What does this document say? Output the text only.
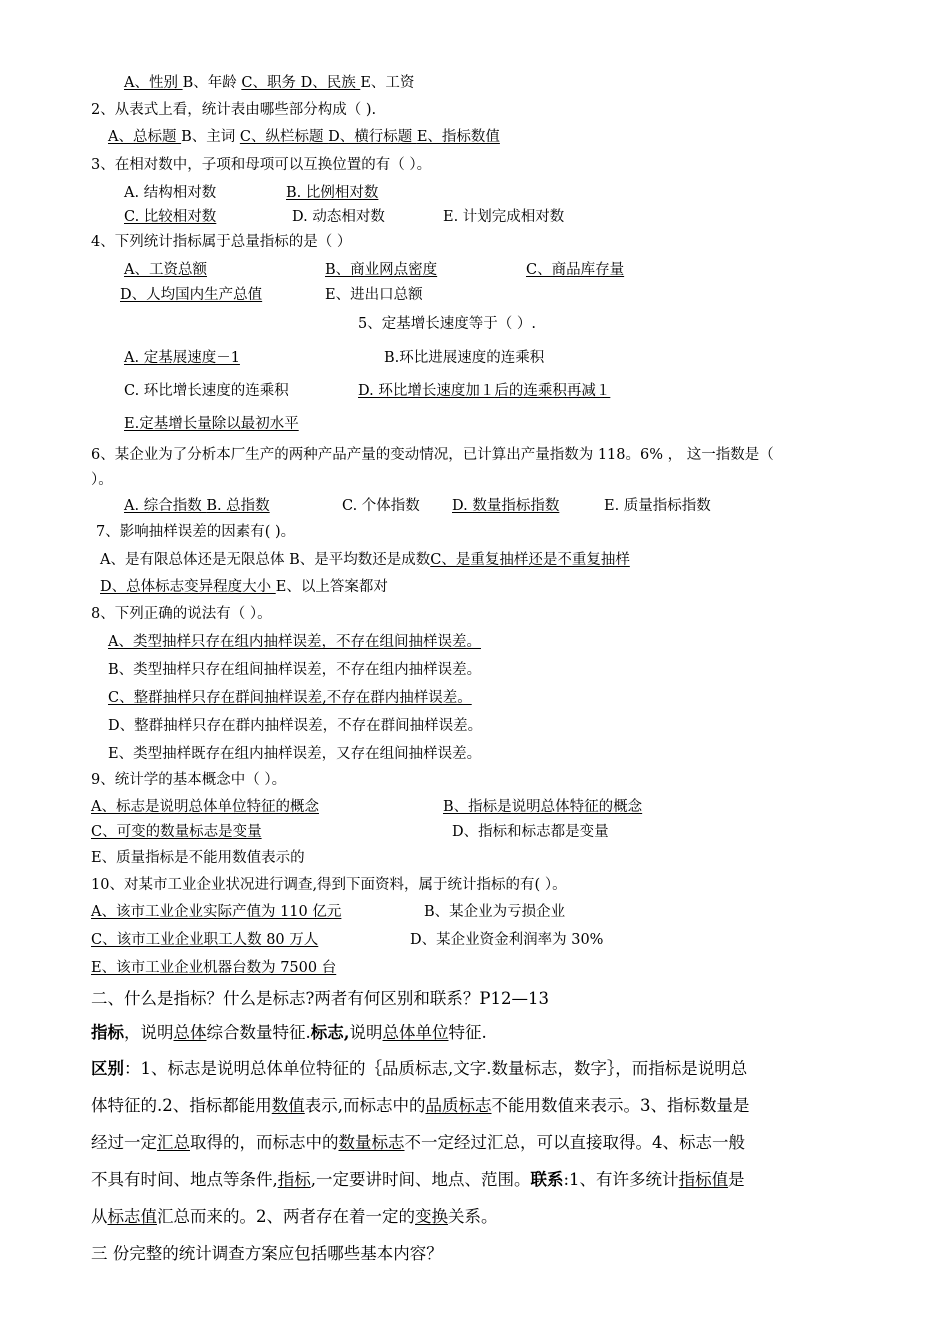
A、性别 B、年龄 C、职务 D、民族 E、工资
2、从表式上看，统计表由哪些部分构成（ ).
A、总标题 B、主词 C、纵栏标题 D、横行标题 E、指标数值
3、在相对数中，子项和母项可以互换位置的有（ ）。
A. 结构相对数	B. 比例相对数
C. 比较相对数	D. 动态相对数	E. 计划完成相对数
4、下列统计指标属于总量指标的是（ ）
A、工资总额	B、商业网点密度	C、商品库存量
D、人均国内生产总值	E、进出口总额
5、定基增长速度等于（ ）.
A. 定基展速度－1	B.环比进展速度的连乘积
C. 环比增长速度的连乘积	D. 环比增长速度加１后的连乘积再减１
E.定基增长量除以最初水平
6、某企业为了分析本厂生产的两种产品产量的变动情况，已计算出产量指数为 118。6% ， 这一指数是（
）。
A. 综合指数 B. 总指数	C. 个体指数 D. 数量指标指数	E. 质量指标指数
7、影响抽样误差的因素有( )。
A、是有限总体还是无限总体 B、是平均数还是成数C、是重复抽样还是不重复抽样
D、总体标志变异程度大小 E、以上答案都对
8、下列正确的说法有（ ）。
A、类型抽样只存在组内抽样误差，不存在组间抽样误差。
B、类型抽样只存在组间抽样误差，不存在组内抽样误差。
C、整群抽样只存在群间抽样误差,不存在群内抽样误差。
D、整群抽样只存在群内抽样误差，不存在群间抽样误差。
E、类型抽样既存在组内抽样误差，又存在组间抽样误差。
9、统计学的基本概念中（ ）。
A、标志是说明总体单位特征的概念	B、指标是说明总体特征的概念
C、可变的数量标志是变量	D、指标和标志都是变量
E、质量指标是不能用数值表示的
10、对某市工业企业状况进行调查,得到下面资料，属于统计指标的有( ）。
A、该市工业企业实际产值为 110 亿元	B、某企业为亏损企业
C、该市工业企业职工人数 80 万人	D、某企业资金利润率为 30%
E、该市工业企业机器台数为 7500 台
二、什么是指标？什么是标志?两者有何区别和联系？P12—13
指标，说明总体综合数量特征.标志,说明总体单位特征.
区别：1、标志是说明总体单位特征的｛品质标志,文字.数量标志，数字｝，而指标是说明总
体特征的.2、指标都能用数值表示,而标志中的品质标志不能用数值来表示。3、指标数量是
经过一定汇总取得的，而标志中的数量标志不一定经过汇总，可以直接取得。4、标志一般
不具有时间、地点等条件,指标,一定要讲时间、地点、范围。联系:1、有许多统计指标值是
从标志值汇总而来的。2、两者存在着一定的变换关系。
三 份完整的统计调查方案应包括哪些基本内容？
